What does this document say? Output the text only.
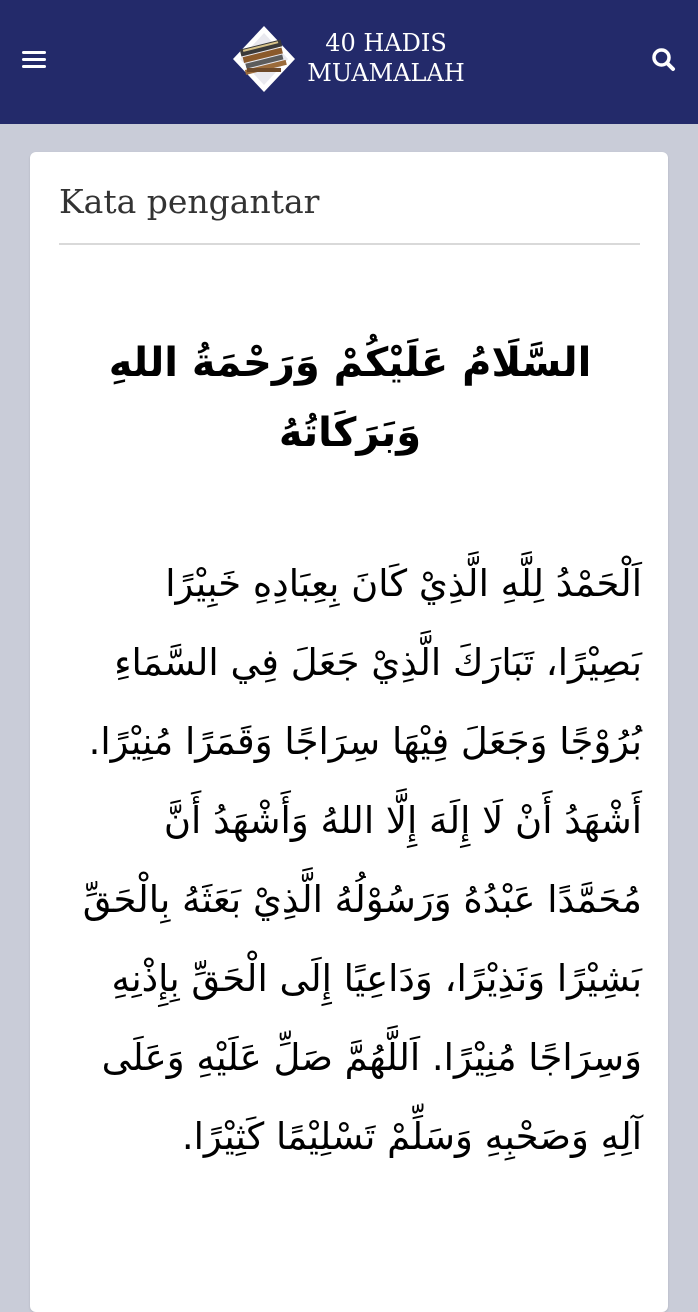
40 HADIS
MUAMALAH
Kata pengantar

السَّلَامُ عَلَيْكُمْ وَرَحْمَةُ اللهِ وَبَرَكَاتُهُ

اَلْحَمْدُ لِلَّهِ الَّذِيْ كَانَ بِعِبَادِهِ خَبِيْرًا بَصِيْرًا، تَبَارَكَ الَّذِيْ جَعَلَ فِي السَّمَاءِ بُرُوْجًا وَجَعَلَ فِيْهَا سِرَاجًا وَقَمَرًا مُنِيْرًا. أَشْهَدُ أَنْ لَا إِلَهَ إِلَّا اللهُ وَأَشْهَدُ أَنَّ مُحَمَّدًا عَبْدُهُ وَرَسُوْلُهُ الَّذِيْ بَعَثَهُ بِالْحَقِّ بَشِيْرًا وَنَذِيْرًا، وَدَاعِيًا إِلَى الْحَقِّ بِإِذْنِهِ وَسِرَاجًا مُنِيْرًا. اَللَّهُمَّ صَلِّ عَلَيْهِ وَعَلَى آلِهِ وَصَحْبِهِ وَسَلِّمْ تَسْلِيْمًا كَثِيْرًا.
